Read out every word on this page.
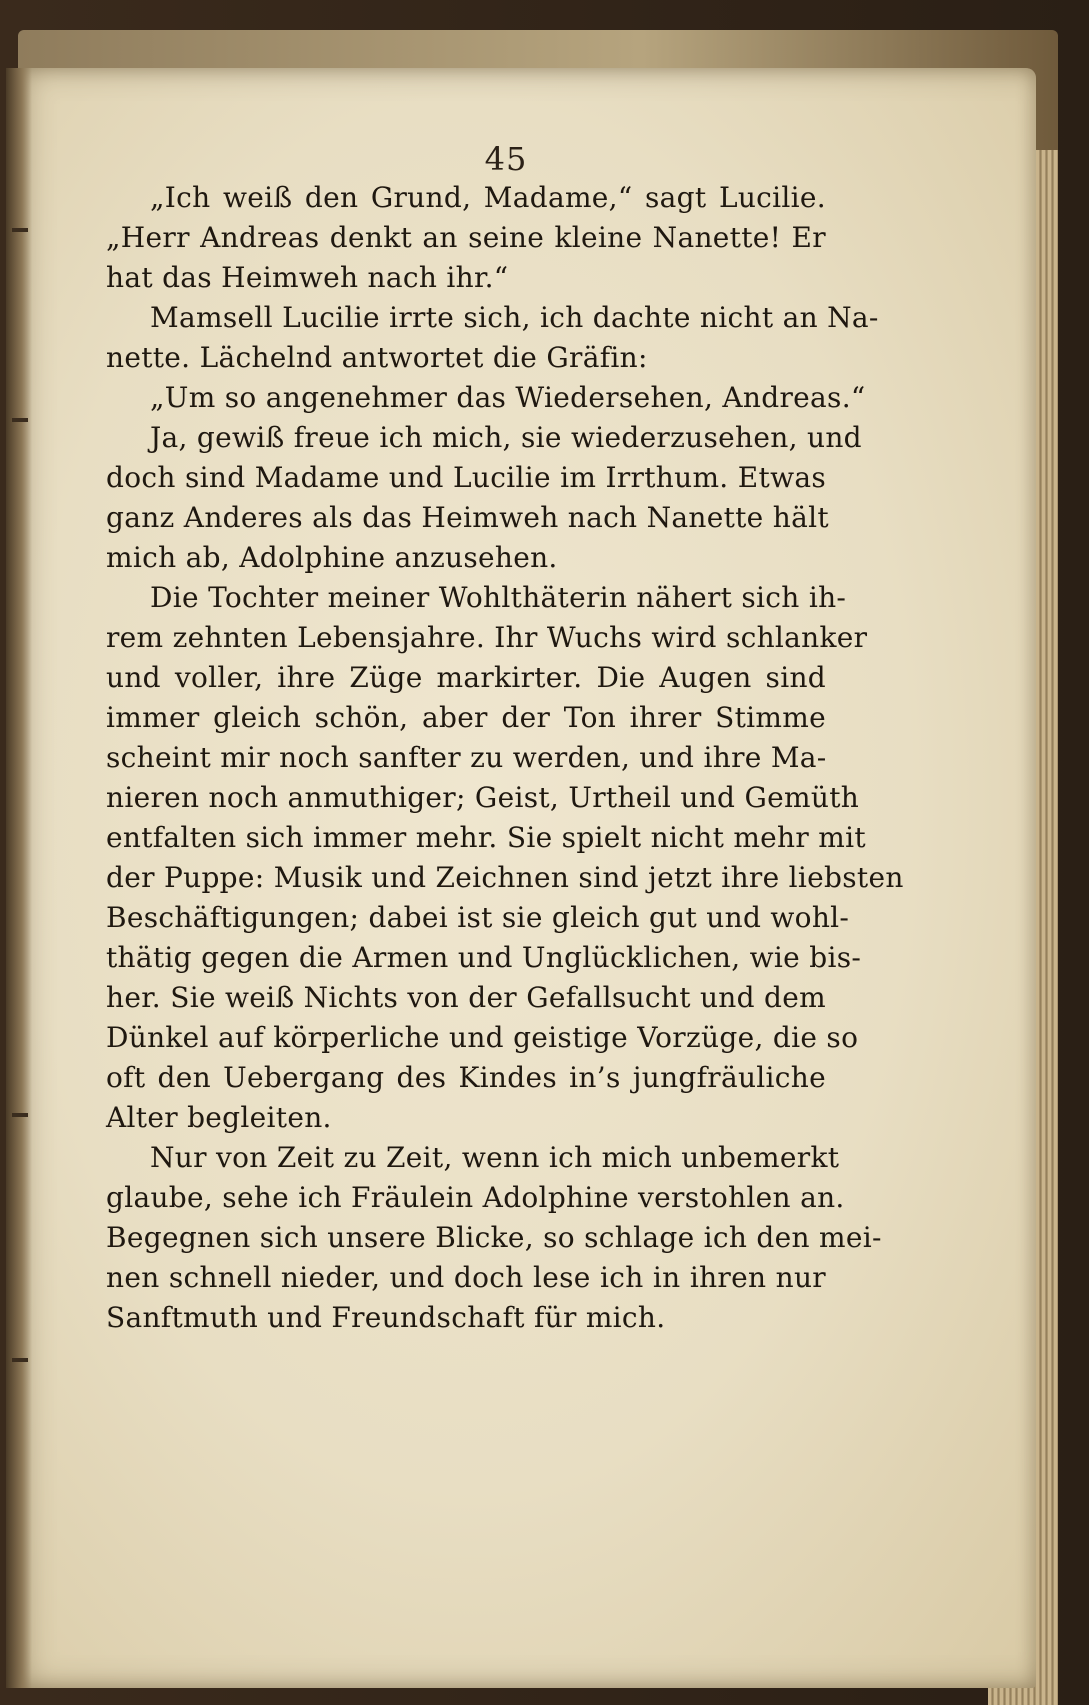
45
„Ich weiß den Grund, Madame,“ sagt Lucilie.
„Herr Andreas denkt an seine kleine Nanette! Er
hat das Heimweh nach ihr.“
Mamsell Lucilie irrte sich, ich dachte nicht an Na-
nette. Lächelnd antwortet die Gräfin:
„Um so angenehmer das Wiedersehen, Andreas.“
Ja, gewiß freue ich mich, sie wiederzusehen, und
doch sind Madame und Lucilie im Irrthum. Etwas
ganz Anderes als das Heimweh nach Nanette hält
mich ab, Adolphine anzusehen.
Die Tochter meiner Wohlthäterin nähert sich ih-
rem zehnten Lebensjahre. Ihr Wuchs wird schlanker
und voller, ihre Züge markirter. Die Augen sind
immer gleich schön, aber der Ton ihrer Stimme
scheint mir noch sanfter zu werden, und ihre Ma-
nieren noch anmuthiger; Geist, Urtheil und Gemüth
entfalten sich immer mehr. Sie spielt nicht mehr mit
der Puppe: Musik und Zeichnen sind jetzt ihre liebsten
Beschäftigungen; dabei ist sie gleich gut und wohl-
thätig gegen die Armen und Unglücklichen, wie bis-
her. Sie weiß Nichts von der Gefallsucht und dem
Dünkel auf körperliche und geistige Vorzüge, die so
oft den Uebergang des Kindes in’s jungfräuliche
Alter begleiten.
Nur von Zeit zu Zeit, wenn ich mich unbemerkt
glaube, sehe ich Fräulein Adolphine verstohlen an.
Begegnen sich unsere Blicke, so schlage ich den mei-
nen schnell nieder, und doch lese ich in ihren nur
Sanftmuth und Freundschaft für mich.
